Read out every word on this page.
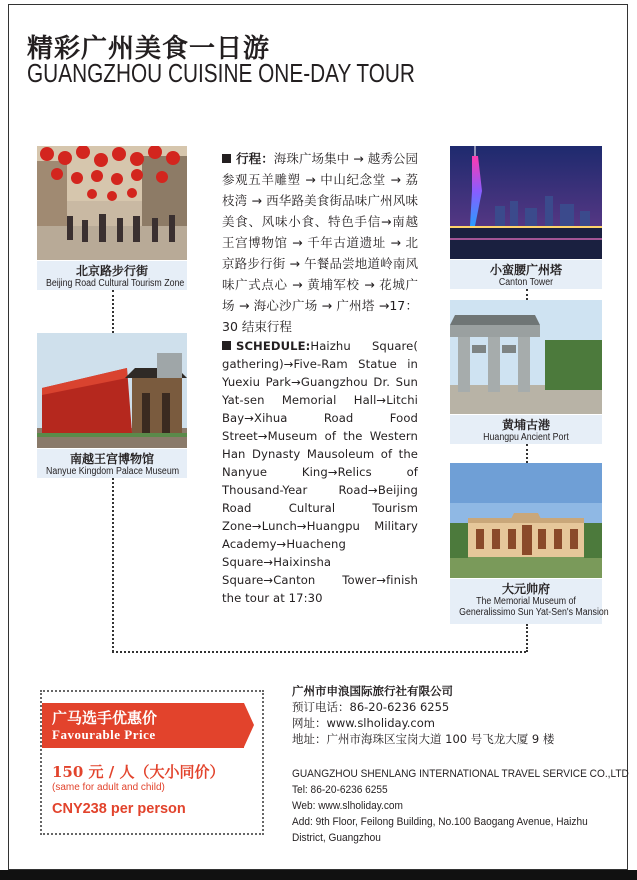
精彩广州美食一日游
GUANGZHOU CUISINE ONE-DAY TOUR
北京路步行街
Beijing Road Cultural Tourism Zone
南越王宫博物馆
Nanyue Kingdom Palace Museum
小蛮腰广州塔
Canton Tower
黄埔古港
Huangpu Ancient Port
大元帅府
The Memorial Museum of
Generalissimo Sun Yat-Sen's Mansion
行程：海珠广场集中 → 越秀公园参观五羊雕塑 → 中山纪念堂 → 荔枝湾 → 西华路美食街品味广州风味美食、风味小食、特色手信→南越王宫博物馆 → 千年古道遗址 → 北京路步行街 → 午餐品尝地道岭南风味广式点心 → 黄埔军校 → 花城广场 → 海心沙广场 → 广州塔 →17：30 结束行程
SCHEDULE:Haizhu Square( gathering)→Five-Ram Statue in Yuexiu Park→Guangzhou Dr. Sun Yat-sen Memorial Hall→Litchi Bay→Xihua Road Food Street→Museum of the Western Han Dynasty Mausoleum of the Nanyue King→Relics of Thousand-Year Road→Beijing Road Cultural Tourism Zone→Lunch→Huangpu Military Academy→Huacheng Square→Haixinsha Square→Canton Tower→finish the tour at 17:30
广马选手优惠价
Favourable Price
150 元 / 人（大小同价）
(same for adult and child)
CNY238 per person
广州市申浪国际旅行社有限公司
预订电话：86-20-6236 6255
网址：www.slholiday.com
地址：广州市海珠区宝岗大道 100 号飞龙大厦 9 楼
GUANGZHOU SHENLANG INTERNATIONAL TRAVEL SERVICE CO.,LTD
Tel: 86-20-6236 6255
Web: www.slholiday.com
Add: 9th Floor, Feilong Building, No.100 Baogang Avenue, Haizhu
District, Guangzhou
